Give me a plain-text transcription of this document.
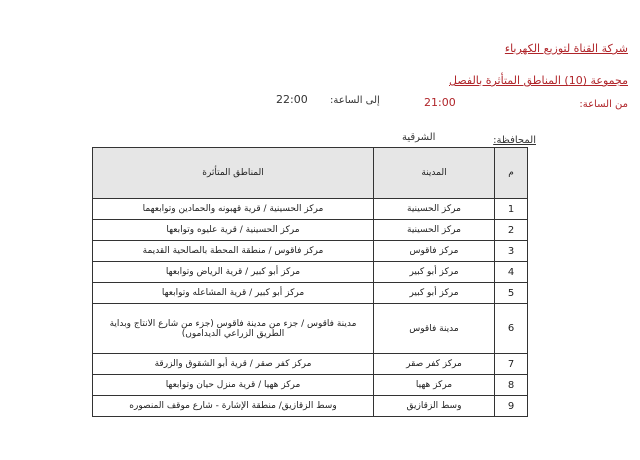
شركة القناة لتوزيع الكهرباء
مجموعة (10) المناطق المتأثرة بالفصل
من الساعة:
21:00
إلى الساعة:
22:00
المحافظة:
الشرقية
م	المدينة	المناطق المتأثرة
1	مركز الحسينية	مركز الحسينية / قرية قهبونه والحمادين وتوابعهما
2	مركز الحسينية	مركز الحسينية / قرية عليوه وتوابعها
3	مركز فاقوس	مركز فاقوس / منطقة المحطة بالصالحية القديمة
4	مركز أبو كبير	مركز أبو كبير / قرية الرياض وتوابعها
5	مركز أبو كبير	مركز أبو كبير / قرية المشاعله وتوابعها
6	مدينة فاقوس	مدينة فاقوس / جزء من مدينة فاقوس (جزء من شارع الانتاج وبداية الطريق الزراعي الديداموں)
7	مركز كفر صقر	مركز كفر صقر / قرية أبو الشقوق والزرقة
8	مركز ههيا	مركز ههيا / قرية منزل حيان وتوابعها
9	وسط الزقازيق	وسط الزقازيق/ منطقة الإشارة - شارع موقف المنصوره
